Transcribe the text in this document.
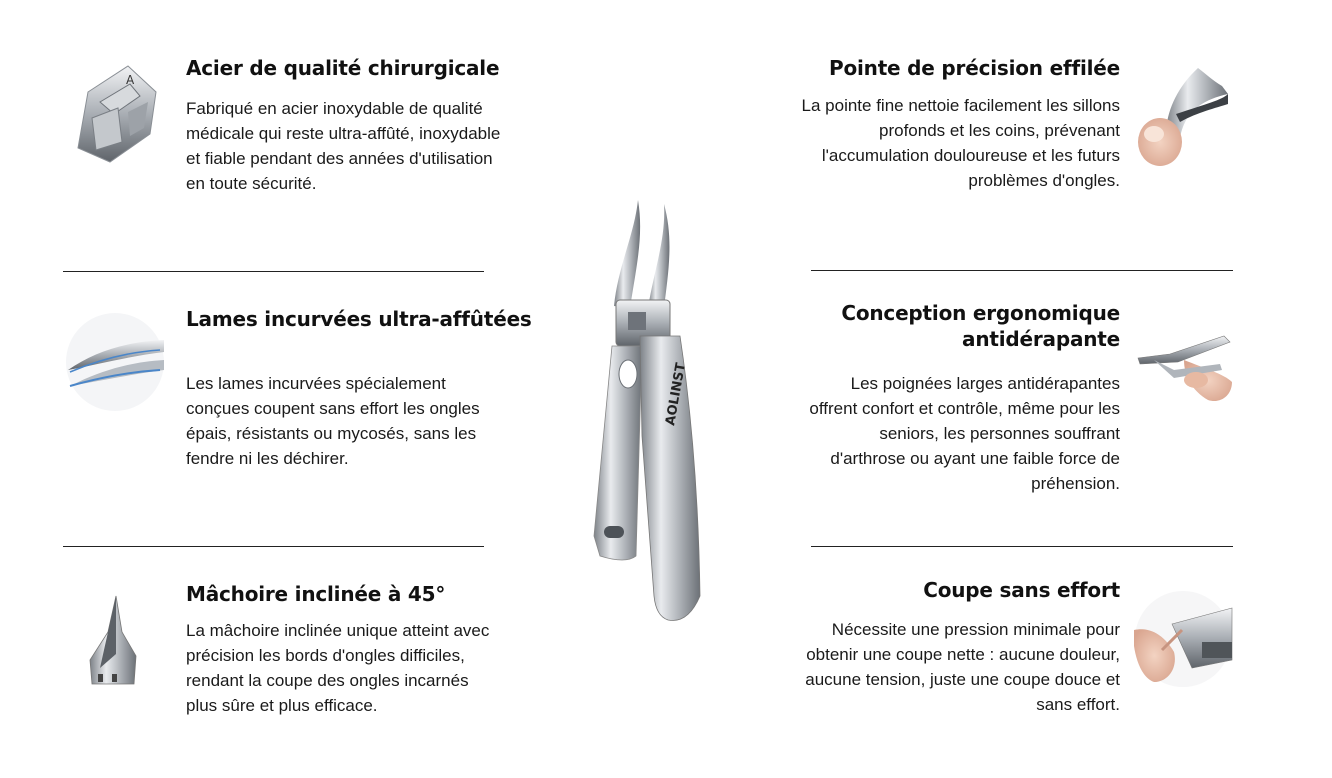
Acier de qualité chirurgicale
Fabriqué en acier inoxydable de qualité médicale qui reste ultra-affûté, inoxydable et fiable pendant des années d'utilisation en toute sécurité.
A
Lames incurvées ultra-affûtées
Les lames incurvées spécialement conçues coupent sans effort les ongles épais, résistants ou mycosés, sans les fendre ni les déchirer.
Mâchoire inclinée à 45°
La mâchoire inclinée unique atteint avec précision les bords d'ongles difficiles, rendant la coupe des ongles incarnés plus sûre et plus efficace.
AOLINST
Pointe de précision effilée
La pointe fine nettoie facilement les sillons profonds et les coins, prévenant l'accumulation douloureuse et les futurs problèmes d'ongles.
Conception ergonomique antidérapante
Les poignées larges antidérapantes offrent confort et contrôle, même pour les seniors, les personnes souffrant d'arthrose ou ayant une faible force de préhension.
Coupe sans effort
Nécessite une pression minimale pour obtenir une coupe nette : aucune douleur, aucune tension, juste une coupe douce et sans effort.
